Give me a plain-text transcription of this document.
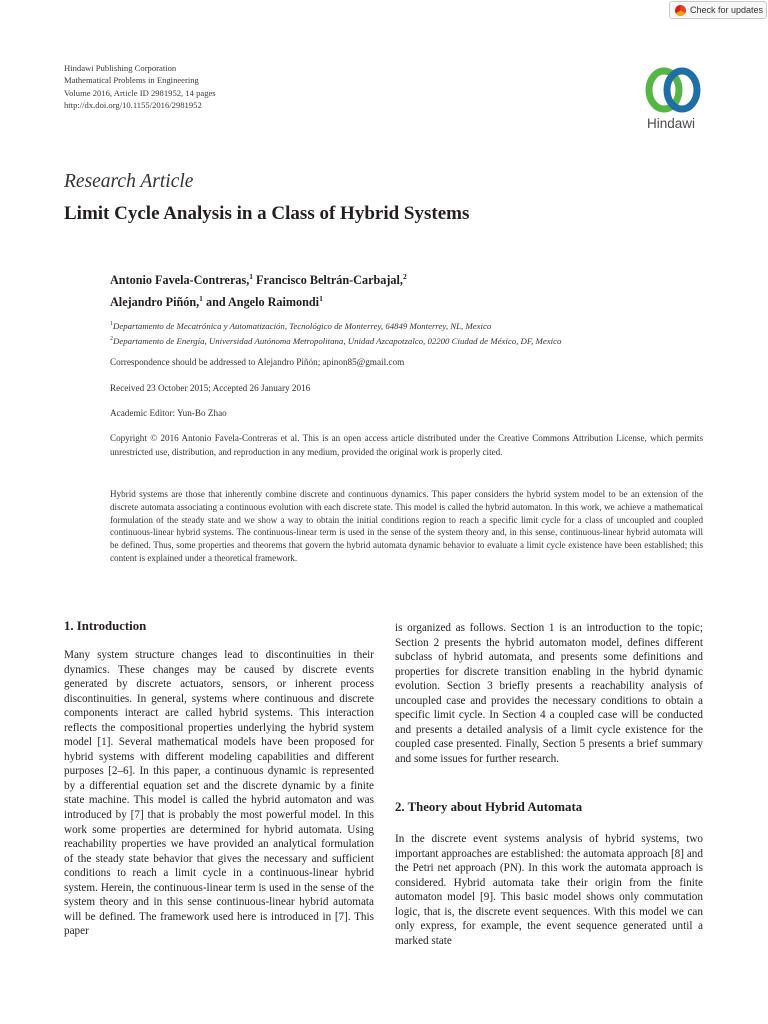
Check for updates
Hindawi Publishing Corporation
Mathematical Problems in Engineering
Volume 2016, Article ID 2981952, 14 pages
http://dx.doi.org/10.1155/2016/2981952
Hindawi
Research Article
Limit Cycle Analysis in a Class of Hybrid Systems
Antonio Favela-Contreras,$^1$ Francisco Beltrán-Carbajal,$^2$
Alejandro Piñón,$^1$ and Angelo Raimondi$^1$
$^1$Departamento de Mecatrónica y Automatización, Tecnológico de Monterrey, 64849 Monterrey, NL, Mexico
$^2$Departamento de Energía, Universidad Autónoma Metropolitana, Unidad Azcapotzalco, 02200 Ciudad de México, DF, Mexico
Correspondence should be addressed to Alejandro Piñón; apinon85@gmail.com
Received 23 October 2015; Accepted 26 January 2016
Academic Editor: Yun-Bo Zhao
Copyright © 2016 Antonio Favela-Contreras et al. This is an open access article distributed under the Creative Commons Attribution License, which permits unrestricted use, distribution, and reproduction in any medium, provided the original work is properly cited.
Hybrid systems are those that inherently combine discrete and continuous dynamics. This paper considers the hybrid system model to be an extension of the discrete automata associating a continuous evolution with each discrete state. This model is called the hybrid automaton. In this work, we achieve a mathematical formulation of the steady state and we show a way to obtain the initial conditions region to reach a specific limit cycle for a class of uncoupled and coupled continuous-linear hybrid systems. The continuous-linear term is used in the sense of the system theory and, in this sense, continuous-linear hybrid automata will be defined. Thus, some properties and theorems that govern the hybrid automata dynamic behavior to evaluate a limit cycle existence have been established; this content is explained under a theoretical framework.
1. Introduction
Many system structure changes lead to discontinuities in their dynamics. These changes may be caused by discrete events generated by discrete actuators, sensors, or inherent process discontinuities. In general, systems where continuous and discrete components interact are called hybrid systems. This interaction reflects the compositional properties underlying the hybrid system model [1]. Several mathematical models have been proposed for hybrid systems with different modeling capabilities and different purposes [2–6]. In this paper, a continuous dynamic is represented by a differential equation set and the discrete dynamic by a finite state machine. This model is called the hybrid automaton and was introduced by [7] that is probably the most powerful model. In this work some properties are determined for hybrid automata. Using reachability properties we have provided an analytical formulation of the steady state behavior that gives the necessary and sufficient conditions to reach a limit cycle in a continuous-linear hybrid system. Herein, the continuous-linear term is used in the sense of the system theory and in this sense continuous-linear hybrid automata will be defined. The framework used here is introduced in [7]. This paper
is organized as follows. Section 1 is an introduction to the topic; Section 2 presents the hybrid automaton model, defines different subclass of hybrid automata, and presents some definitions and properties for discrete transition enabling in the hybrid dynamic evolution. Section 3 briefly presents a reachability analysis of uncoupled case and provides the necessary conditions to obtain a specific limit cycle. In Section 4 a coupled case will be conducted and presents a detailed analysis of a limit cycle existence for the coupled case presented. Finally, Section 5 presents a brief summary and some issues for further research.
2. Theory about Hybrid Automata
In the discrete event systems analysis of hybrid systems, two important approaches are established: the automata approach [8] and the Petri net approach (PN). In this work the automata approach is considered. Hybrid automata take their origin from the finite automaton model [9]. This basic model shows only commutation logic, that is, the discrete event sequences. With this model we can only express, for example, the event sequence generated until a marked state
